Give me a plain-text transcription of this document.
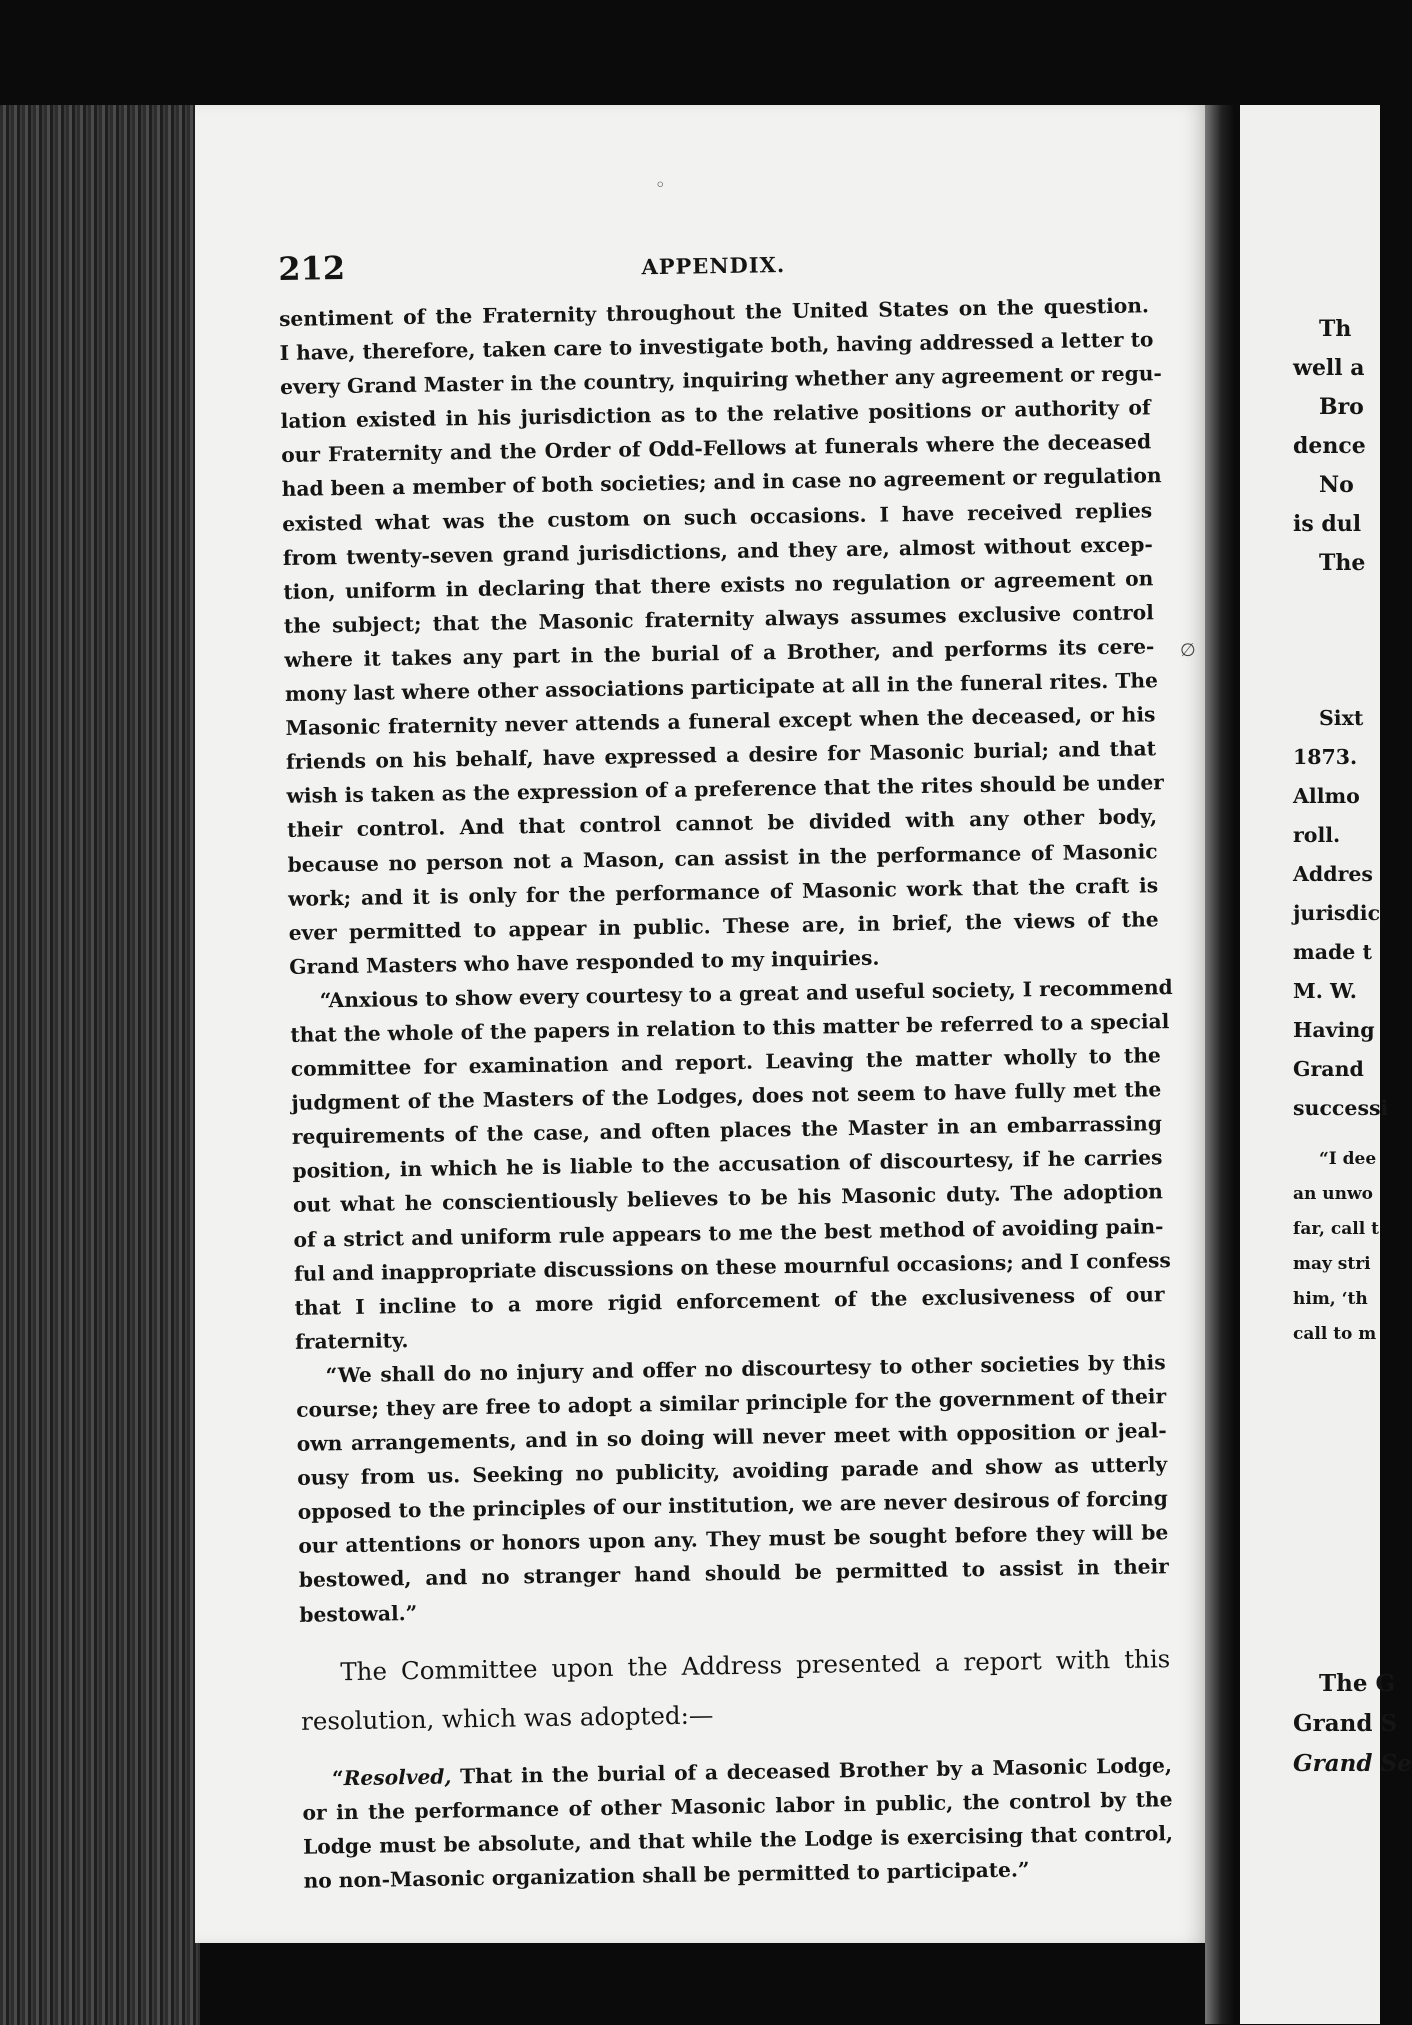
◦
∅
212	APPENDIX.
sentiment of the Fraternity throughout the United States on the question.
I have, therefore, taken care to investigate both, having addressed a letter to
every Grand Master in the country, inquiring whether any agreement or regu-
lation existed in his jurisdiction as to the relative positions or authority of
our Fraternity and the Order of Odd-Fellows at funerals where the deceased
had been a member of both societies; and in case no agreement or regulation
existed what was the custom on such occasions. I have received replies
from twenty-seven grand jurisdictions, and they are, almost without excep-
tion, uniform in declaring that there exists no regulation or agreement on
the subject; that the Masonic fraternity always assumes exclusive control
where it takes any part in the burial of a Brother, and performs its cere-
mony last where other associations participate at all in the funeral rites. The
Masonic fraternity never attends a funeral except when the deceased, or his
friends on his behalf, have expressed a desire for Masonic burial; and that
wish is taken as the expression of a preference that the rites should be under
their control. And that control cannot be divided with any other body,
because no person not a Mason, can assist in the performance of Masonic
work; and it is only for the performance of Masonic work that the craft is
ever permitted to appear in public. These are, in brief, the views of the
Grand Masters who have responded to my inquiries.
“Anxious to show every courtesy to a great and useful society, I recommend
that the whole of the papers in relation to this matter be referred to a special
committee for examination and report. Leaving the matter wholly to the
judgment of the Masters of the Lodges, does not seem to have fully met the
requirements of the case, and often places the Master in an embarrassing
position, in which he is liable to the accusation of discourtesy, if he carries
out what he conscientiously believes to be his Masonic duty. The adoption
of a strict and uniform rule appears to me the best method of avoiding pain-
ful and inappropriate discussions on these mournful occasions; and I confess
that I incline to a more rigid enforcement of the exclusiveness of our
fraternity.
“We shall do no injury and offer no discourtesy to other societies by this
course; they are free to adopt a similar principle for the government of their
own arrangements, and in so doing will never meet with opposition or jeal-
ousy from us. Seeking no publicity, avoiding parade and show as utterly
opposed to the principles of our institution, we are never desirous of forcing
our attentions or honors upon any. They must be sought before they will be
bestowed, and no stranger hand should be permitted to assist in their
bestowal.”
The Committee upon the Address presented a report with this
resolution, which was adopted:—
“Resolved, That in the burial of a deceased Brother by a Masonic Lodge,
or in the performance of other Masonic labor in public, the control by the
Lodge must be absolute, and that while the Lodge is exercising that control,
no non-Masonic organization shall be permitted to participate.”
Th
well a
Bro
dence
No
is dul
The
Sixt
1873.
Allmo
roll.
Addres
jurisdic
made t
M. W.
Having
Grand
successi
“I dee
an unwo
far, call t
may stri
him, ‘th
call to m
The G
Grand S
Grand Se
